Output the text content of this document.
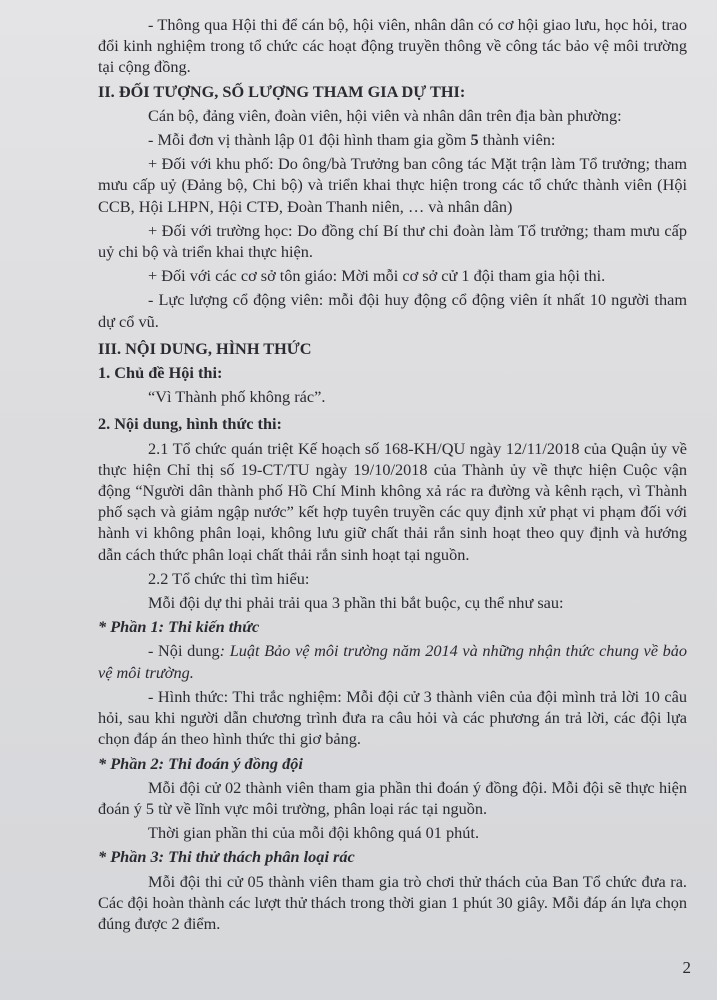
- Thông qua Hội thi để cán bộ, hội viên, nhân dân có cơ hội giao lưu, học hỏi, trao đổi kinh nghiệm trong tổ chức các hoạt động truyền thông về công tác bảo vệ môi trường tại cộng đồng.
II. ĐỐI TƯỢNG, SỐ LƯỢNG THAM GIA DỰ THI:
Cán bộ, đảng viên, đoàn viên, hội viên và nhân dân trên địa bàn phường:
- Mỗi đơn vị thành lập 01 đội hình tham gia gồm 5 thành viên:
+ Đối với khu phố: Do ông/bà Trưởng ban công tác Mặt trận làm Tổ trưởng; tham mưu cấp uỷ (Đảng bộ, Chi bộ) và triển khai thực hiện trong các tổ chức thành viên (Hội CCB, Hội LHPN, Hội CTĐ, Đoàn Thanh niên, … và nhân dân)
+ Đối với trường học: Do đồng chí Bí thư chi đoàn làm Tổ trưởng; tham mưu cấp uỷ chi bộ và triển khai thực hiện.
+ Đối với các cơ sở tôn giáo: Mời mỗi cơ sở cử 1 đội tham gia hội thi.
- Lực lượng cổ động viên: mỗi đội huy động cổ động viên ít nhất 10 người tham dự cổ vũ.
III. NỘI DUNG, HÌNH THỨC
1. Chủ đề Hội thi:
“Vì Thành phố không rác”.
2. Nội dung, hình thức thi:
2.1 Tổ chức quán triệt Kế hoạch số 168-KH/QU ngày 12/11/2018 của Quận ủy về thực hiện Chỉ thị số 19-CT/TU ngày 19/10/2018 của Thành ủy về thực hiện Cuộc vận động “Người dân thành phố Hồ Chí Minh không xả rác ra đường và kênh rạch, vì Thành phố sạch và giảm ngập nước” kết hợp tuyên truyền các quy định xử phạt vi phạm đối với hành vi không phân loại, không lưu giữ chất thải rắn sinh hoạt theo quy định và hướng dẫn cách thức phân loại chất thải rắn sinh hoạt tại nguồn.
2.2 Tổ chức thi tìm hiểu:
Mỗi đội dự thi phải trải qua 3 phần thi bắt buộc, cụ thể như sau:
* Phần 1: Thi kiến thức
- Nội dung: Luật Bảo vệ môi trường năm 2014 và những nhận thức chung về bảo vệ môi trường.
- Hình thức: Thi trắc nghiệm: Mỗi đội cử 3 thành viên của đội mình trả lời 10 câu hỏi, sau khi người dẫn chương trình đưa ra câu hỏi và các phương án trả lời, các đội lựa chọn đáp án theo hình thức thi giơ bảng.
* Phần 2: Thi đoán ý đồng đội
Mỗi đội cử 02 thành viên tham gia phần thi đoán ý đồng đội. Mỗi đội sẽ thực hiện đoán ý 5 từ về lĩnh vực môi trường, phân loại rác tại nguồn.
Thời gian phần thi của mỗi đội không quá 01 phút.
* Phần 3: Thi thử thách phân loại rác
Mỗi đội thi cử 05 thành viên tham gia trò chơi thử thách của Ban Tổ chức đưa ra. Các đội hoàn thành các lượt thử thách trong thời gian 1 phút 30 giây. Mỗi đáp án lựa chọn đúng được 2 điểm.
2
